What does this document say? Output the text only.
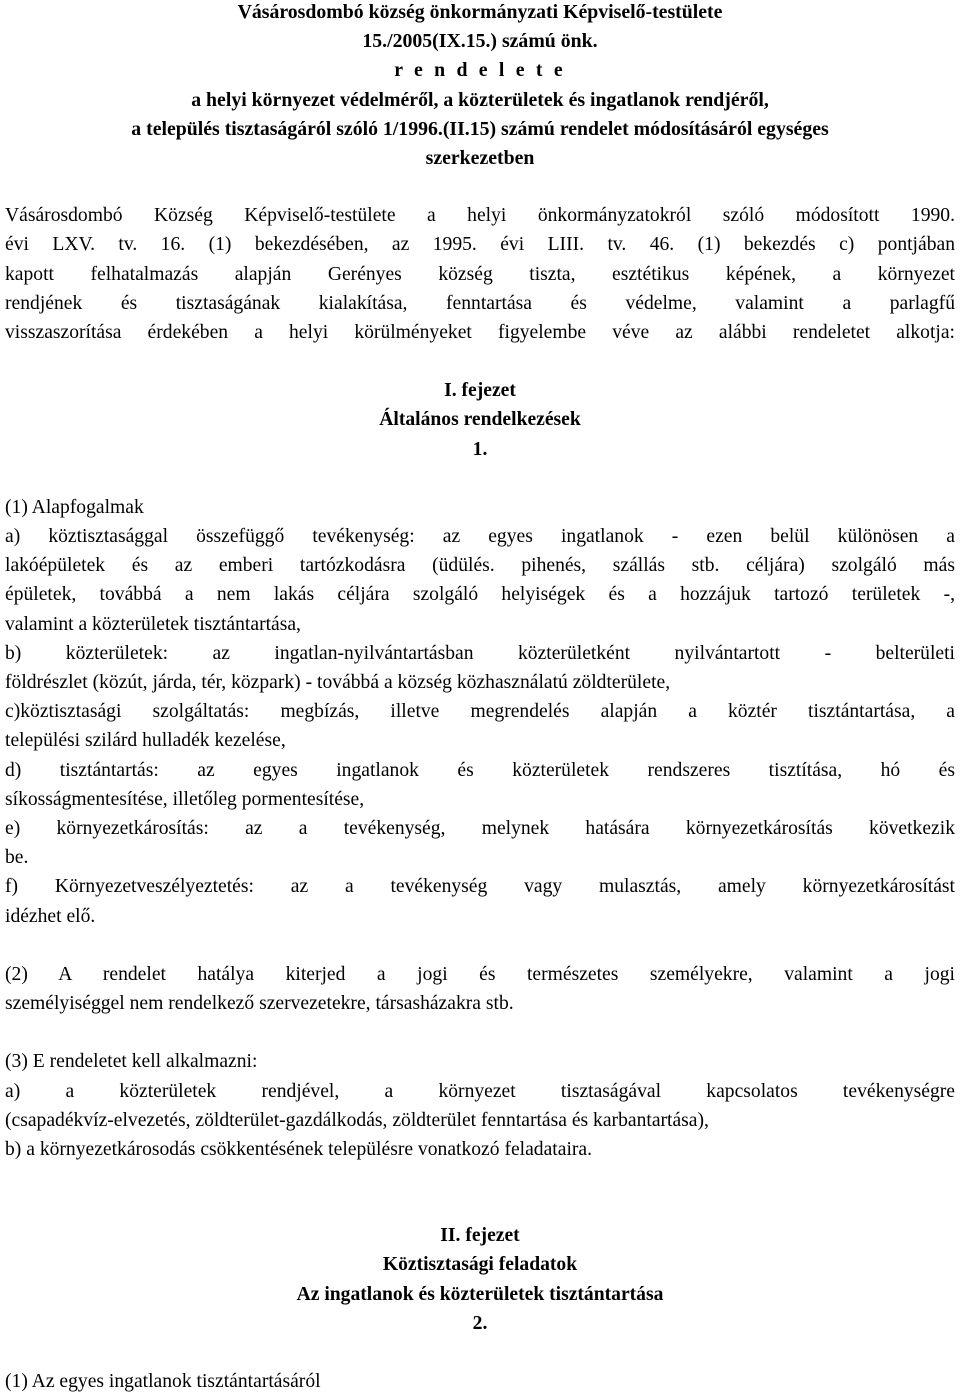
Vásárosdombó község önkormányzati Képviselő-testülete

15./2005(IX.15.) számú önk.

r e n d e l e t e

a helyi környezet védelméről, a közterületek és ingatlanok rendjéről,

a település tisztaságáról szóló 1/1996.(II.15) számú rendelet módosításáról egységes

szerkezetben

Vásárosdombó Község Képviselő-testülete a helyi önkormányzatokról szóló módosított 1990.

évi LXV. tv. 16. (1) bekezdésében, az 1995. évi LIII. tv. 46. (1) bekezdés c) pontjában

kapott felhatalmazás alapján Gerényes község tiszta, esztétikus képének, a környezet

rendjének és tisztaságának kialakítása, fenntartása és védelme, valamint a parlagfű

visszaszorítása érdekében a helyi körülményeket figyelembe véve az alábbi rendeletet alkotja:

I. fejezet

Általános rendelkezések

1.

(1) Alapfogalmak

a) köztisztasággal összefüggő tevékenység: az egyes ingatlanok - ezen belül különösen a

lakóépületek és az emberi tartózkodásra (üdülés. pihenés, szállás stb. céljára) szolgáló más

épületek, továbbá a nem lakás céljára szolgáló helyiségek és a hozzájuk tartozó területek -,

valamint a közterületek tisztántartása,

b) közterületek: az ingatlan-nyilvántartásban közterületként nyilvántartott - belterületi

földrészlet (közút, járda, tér, közpark) - továbbá a község közhasználatú zöldterülete,

c)köztisztasági szolgáltatás: megbízás, illetve megrendelés alapján a köztér tisztántartása, a

települési szilárd hulladék kezelése,

d) tisztántartás: az egyes ingatlanok és közterületek rendszeres tisztítása, hó és

síkosságmentesítése, illetőleg pormentesítése,

e) környezetkárosítás: az a tevékenység, melynek hatására környezetkárosítás következik

be.

f) Környezetveszélyeztetés: az a tevékenység vagy mulasztás, amely környezetkárosítást

idézhet elő.

(2) A rendelet hatálya kiterjed a jogi és természetes személyekre, valamint a jogi

személyiséggel nem rendelkező szervezetekre, társasházakra stb.

(3) E rendeletet kell alkalmazni:

a) a közterületek rendjével, a környezet tisztaságával kapcsolatos tevékenységre

(csapadékvíz-elvezetés, zöldterület-gazdálkodás, zöldterület fenntartása és karbantartása),

b) a környezetkárosodás csökkentésének településre vonatkozó feladataira.

II. fejezet

Köztisztasági feladatok

Az ingatlanok és közterületek tisztántartása

2.

(1) Az egyes ingatlanok tisztántartásáról
